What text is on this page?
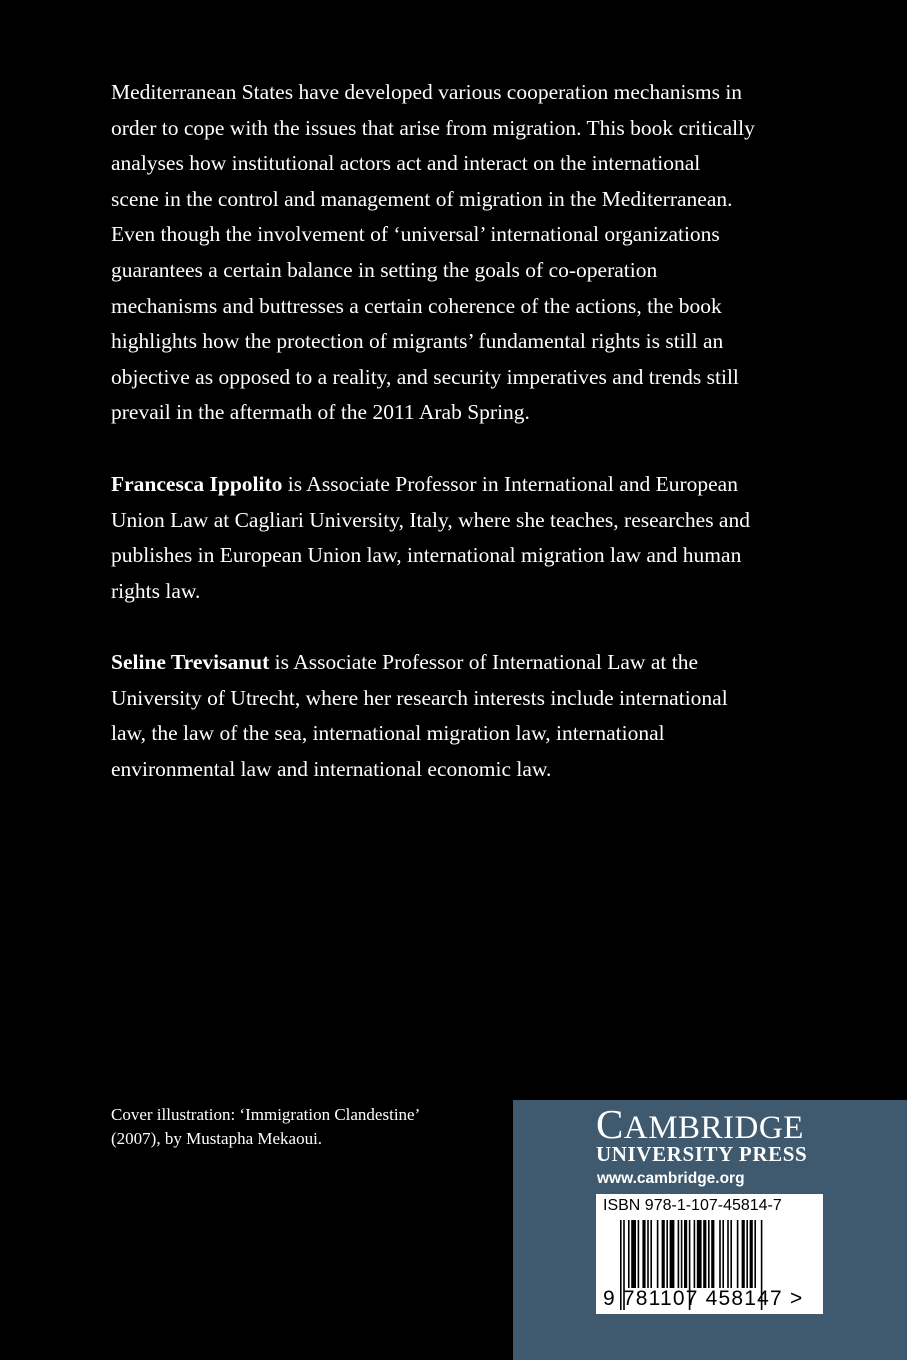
Mediterranean States have developed various cooperation mechanisms in
order to cope with the issues that arise from migration. This book critically
analyses how institutional actors act and interact on the international
scene in the control and management of migration in the Mediterranean.
Even though the involvement of ‘universal’ international organizations
guarantees a certain balance in setting the goals of co-operation
mechanisms and buttresses a certain coherence of the actions, the book
highlights how the protection of migrants’ fundamental rights is still an
objective as opposed to a reality, and security imperatives and trends still
prevail in the aftermath of the 2011 Arab Spring.
Francesca Ippolito is Associate Professor in International and European
Union Law at Cagliari University, Italy, where she teaches, researches and
publishes in European Union law, international migration law and human
rights law.
Seline Trevisanut is Associate Professor of International Law at the
University of Utrecht, where her research interests include international
law, the law of the sea, international migration law, international
environmental law and international economic law.
Cover illustration: ‘Immigration Clandestine’
(2007), by Mustapha Mekaoui.	CAMBRIDGE
UNIVERSITY PRESS
www.cambridge.org
ISBN 978-1-107-45814-7
9 781107 458147 >
